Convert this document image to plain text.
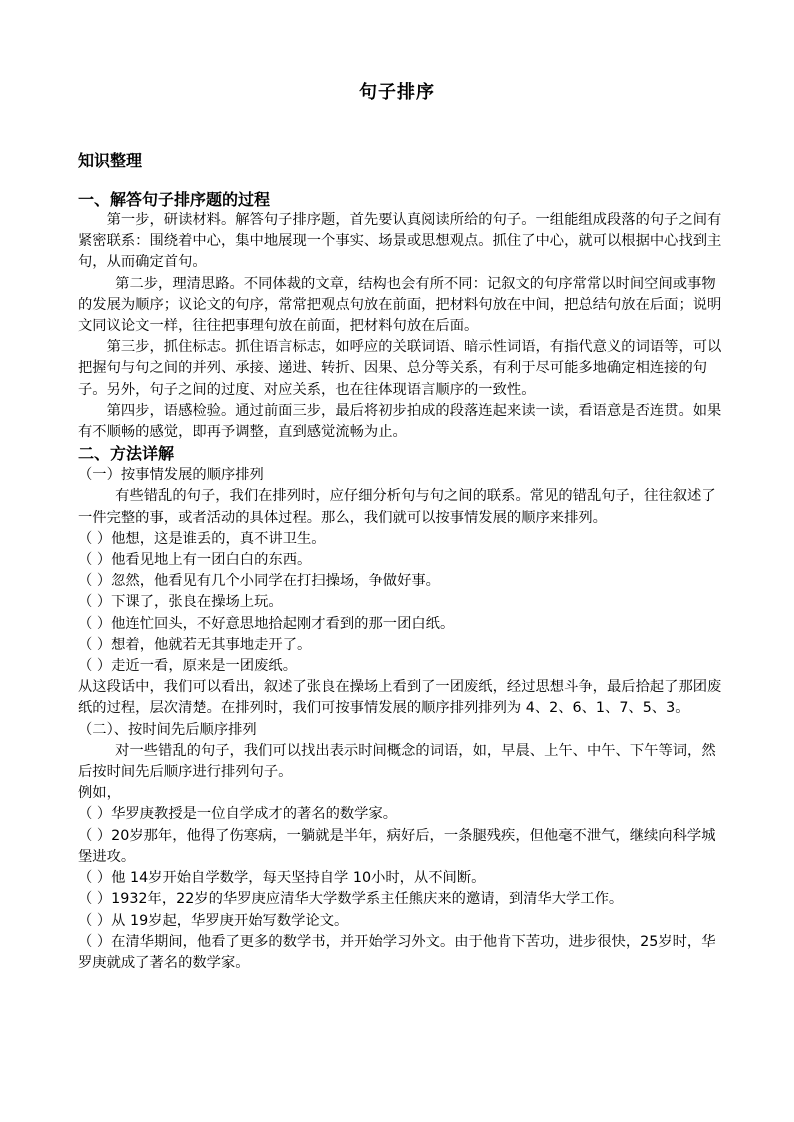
句子排序
知识整理
一、解答句子排序题的过程

第一步，研读材料。解答句子排序题，首先要认真阅读所给的句子。一组能组成段落的句子之间有紧密联系：围绕着中心，集中地展现一个事实、场景或思想观点。抓住了中心，就可以根据中心找到主句，从而确定首句。

第二步，理清思路。不同体裁的文章，结构也会有所不同：记叙文的句序常常以时间空间或事物的发展为顺序；议论文的句序，常常把观点句放在前面，把材料句放在中间，把总结句放在后面；说明文同议论文一样，往往把事理句放在前面，把材料句放在后面。

第三步，抓住标志。抓住语言标志，如呼应的关联词语、暗示性词语，有指代意义的词语等，可以把握句与句之间的并列、承接、递进、转折、因果、总分等关系，有利于尽可能多地确定相连接的句子。另外，句子之间的过度、对应关系，也在往体现语言顺序的一致性。

第四步，语感检验。通过前面三步，最后将初步拍成的段落连起来读一读，看语意是否连贯。如果有不顺畅的感觉，即再予调整，直到感觉流畅为止。

二、方法详解

（一）按事情发展的顺序排列

有些错乱的句子，我们在排列时，应仔细分析句与句之间的联系。常见的错乱句子，往往叙述了一件完整的事，或者活动的具体过程。那么，我们就可以按事情发展的顺序来排列。

（ ）他想，这是谁丢的，真不讲卫生。

（ ）他看见地上有一团白白的东西。

（ ）忽然，他看见有几个小同学在打扫操场，争做好事。

（ ）下课了，张良在操场上玩。

（ ）他连忙回头，不好意思地拾起刚才看到的那一团白纸。

（ ）想着，他就若无其事地走开了。

（ ）走近一看，原来是一团废纸。

从这段话中，我们可以看出，叙述了张良在操场上看到了一团废纸，经过思想斗争，最后拾起了那团废纸的过程，层次清楚。在排列时，我们可按事情发展的顺序排列排列为 4、2、6、1、7、5、3。

（二）、按时间先后顺序排列

对一些错乱的句子，我们可以找出表示时间概念的词语，如，早晨、上午、中午、下午等词，然后按时间先后顺序进行排列句子。

例如，

（ ）华罗庚教授是一位自学成才的著名的数学家。

（ ）20岁那年，他得了伤寒病，一躺就是半年，病好后，一条腿残疾，但他毫不泄气，继续向科学城堡进攻。

（ ）他 14岁开始自学数学，每天坚持自学 10小时，从不间断。

（ ）1932年，22岁的华罗庚应清华大学数学系主任熊庆来的邀请，到清华大学工作。

（ ）从 19岁起，华罗庚开始写数学论文。

（ ）在清华期间，他看了更多的数学书，并开始学习外文。由于他肯下苦功，进步很快，25岁时，华罗庚就成了著名的数学家。
